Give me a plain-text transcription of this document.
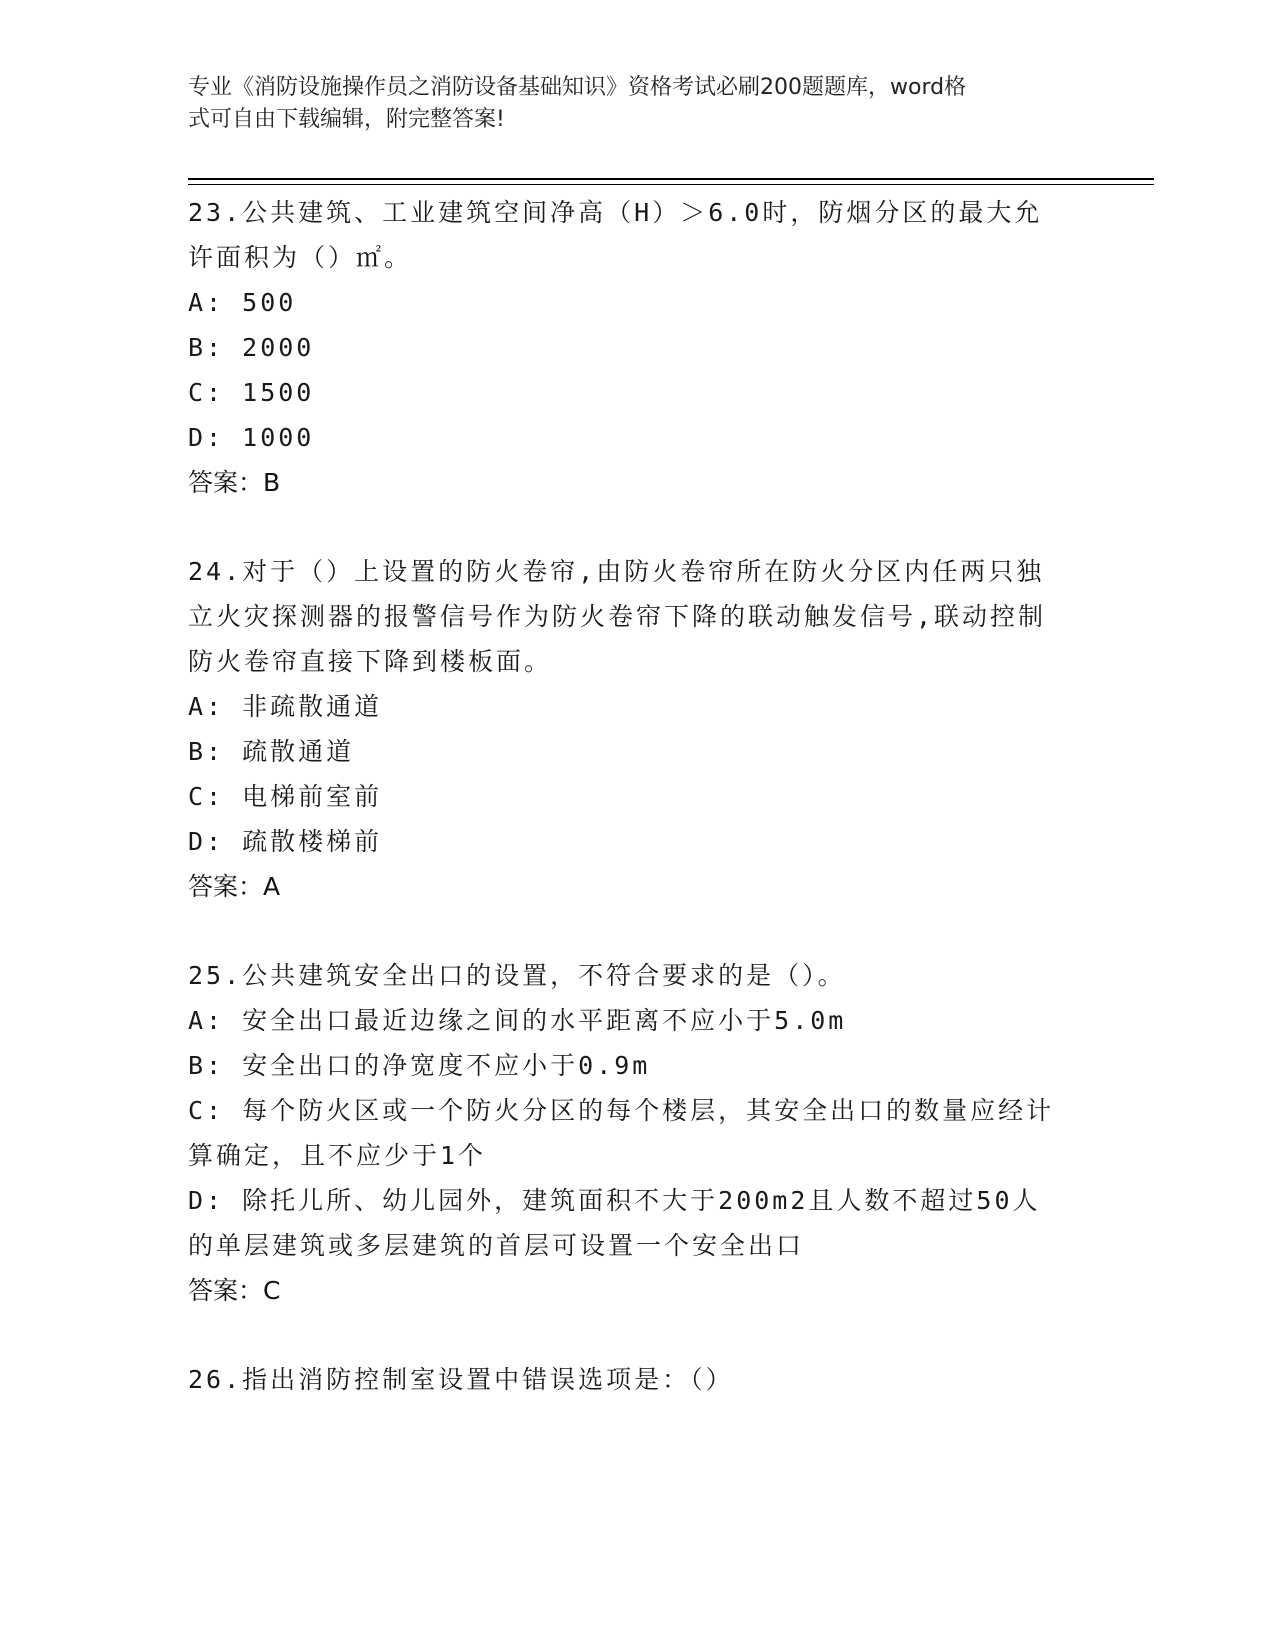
专业《消防设施操作员之消防设备基础知识》资格考试必刷200题题库，word格
式可自由下载编辑，附完整答案!
23.公共建筑、工业建筑空间净高（H）＞6.0时，防烟分区的最大允许面积为（）㎡。
A: 500
B: 2000
C: 1500
D: 1000
答案：B
24.对于（）上设置的防火卷帘,由防火卷帘所在防火分区内任两只独立火灾探测器的报警信号作为防火卷帘下降的联动触发信号,联动控制防火卷帘直接下降到楼板面。
A: 非疏散通道
B: 疏散通道
C: 电梯前室前
D: 疏散楼梯前
答案：A
25.公共建筑安全出口的设置，不符合要求的是（）。
A: 安全出口最近边缘之间的水平距离不应小于5.0m
B: 安全出口的净宽度不应小于0.9m
C: 每个防火区或一个防火分区的每个楼层，其安全出口的数量应经计算确定，且不应少于1个
D: 除托儿所、幼儿园外，建筑面积不大于200m2且人数不超过50人的单层建筑或多层建筑的首层可设置一个安全出口
答案：C
26.指出消防控制室设置中错误选项是：（）
